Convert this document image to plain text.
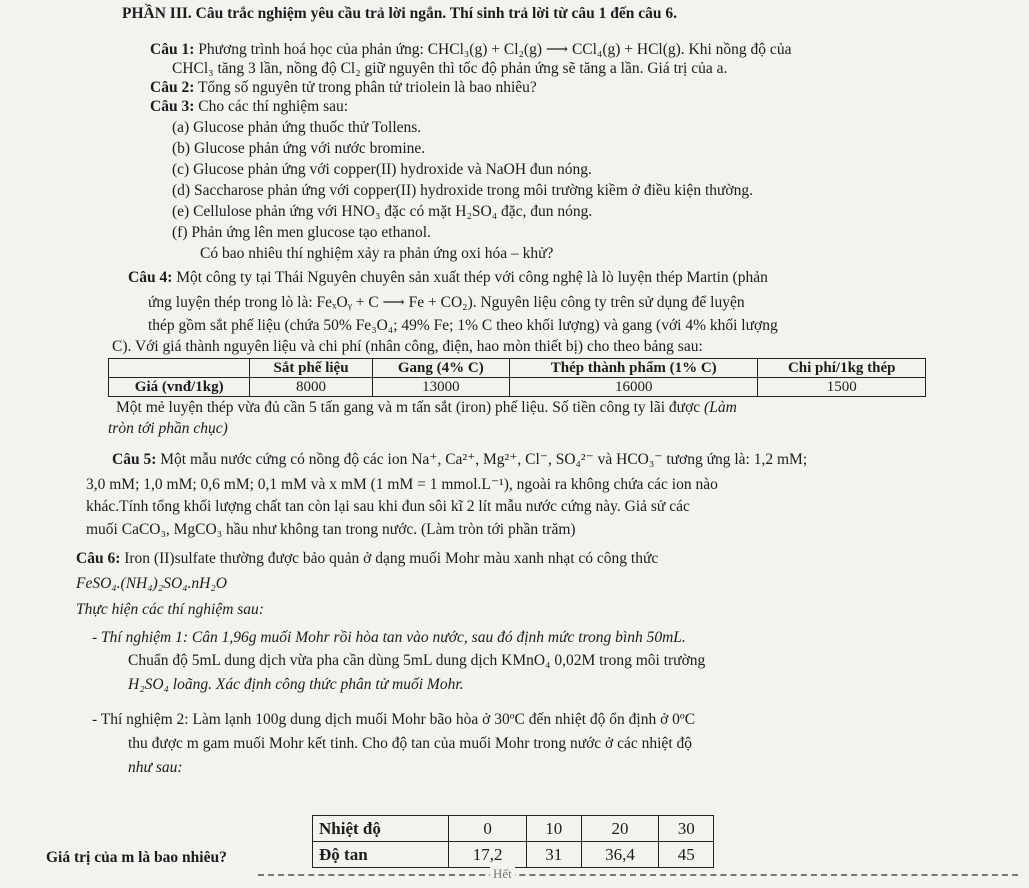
PHẦN III. Câu trắc nghiệm yêu cầu trả lời ngắn. Thí sinh trả lời từ câu 1 đến câu 6.
Câu 1: Phương trình hoá học của phản ứng: CHCl₃(g) + Cl₂(g) ⟶ CCl₄(g) + HCl(g). Khi nồng độ của
CHCl₃ tăng 3 lần, nồng độ Cl₂ giữ nguyên thì tốc độ phản ứng sẽ tăng a lần. Giá trị của a.
Câu 2: Tổng số nguyên tử trong phân tử triolein là bao nhiêu?
Câu 3: Cho các thí nghiệm sau:
(a) Glucose phản ứng thuốc thử Tollens.
(b) Glucose phản ứng với nước bromine.
(c) Glucose phản ứng với copper(II) hydroxide và NaOH đun nóng.
(d) Saccharose phản ứng với copper(II) hydroxide trong môi trường kiềm ở điều kiện thường.
(e) Cellulose phản ứng với HNO₃ đặc có mặt H₂SO₄ đặc, đun nóng.
(f) Phản ứng lên men glucose tạo ethanol.
Có bao nhiêu thí nghiệm xảy ra phản ứng oxi hóa – khử?
Câu 4: Một công ty tại Thái Nguyên chuyên sản xuất thép với công nghệ là lò luyện thép Martin (phản
ứng luyện thép trong lò là: FeₓOᵧ + C ⟶ Fe + CO₂). Nguyên liệu công ty trên sử dụng để luyện
thép gồm sắt phế liệu (chứa 50% Fe₃O₄; 49% Fe; 1% C theo khối lượng) và gang (với 4% khối lượng
C). Với giá thành nguyên liệu và chi phí (nhân công, điện, hao mòn thiết bị) cho theo bảng sau:
	Sắt phế liệu	Gang (4% C)	Thép thành phẩm (1% C)	Chi phí/1kg thép
Giá (vnđ/1kg)	8000	13000	16000	1500
Một mẻ luyện thép vừa đủ cần 5 tấn gang và m tấn sắt (iron) phế liệu. Số tiền công ty lãi được (Làm
tròn tới phần chục)
Câu 5: Một mẫu nước cứng có nồng độ các ion Na⁺, Ca²⁺, Mg²⁺, Cl⁻, SO₄²⁻ và HCO₃⁻ tương ứng là: 1,2 mM;
3,0 mM; 1,0 mM; 0,6 mM; 0,1 mM và x mM (1 mM = 1 mmol.L⁻¹), ngoài ra không chứa các ion nào
khác.Tính tổng khối lượng chất tan còn lại sau khi đun sôi kĩ 2 lít mẫu nước cứng này. Giả sử các
muối CaCO₃, MgCO₃ hầu như không tan trong nước. (Làm tròn tới phần trăm)
Câu 6: Iron (II)sulfate thường được bảo quản ở dạng muối Mohr màu xanh nhạt có công thức
FeSO₄.(NH₄)₂SO₄.nH₂O
Thực hiện các thí nghiệm sau:
- Thí nghiệm 1: Cân 1,96g muối Mohr rồi hòa tan vào nước, sau đó định mức trong bình 50mL.
Chuẩn độ 5mL dung dịch vừa pha cần dùng 5mL dung dịch KMnO₄ 0,02M trong môi trường
H₂SO₄ loãng. Xác định công thức phân tử muối Mohr.
- Thí nghiệm 2: Làm lạnh 100g dung dịch muối Mohr bão hòa ở 30ºC đến nhiệt độ ổn định ở 0ºC
thu được m gam muối Mohr kết tinh. Cho độ tan của muối Mohr trong nước ở các nhiệt độ
như sau:
Nhiệt độ	0	10	20	30
Độ tan	17,2	31	36,4	45
Giá trị của m là bao nhiêu?
Hết
